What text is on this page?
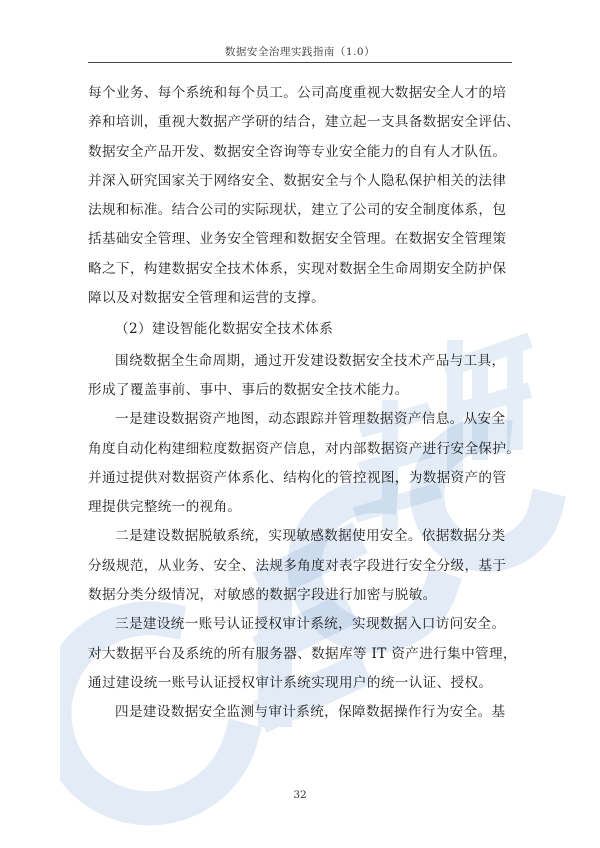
数据安全治理实践指南（1.0）

每个业务、每个系统和每个员工。公司高度重视大数据安全人才的培

养和培训，重视大数据产学研的结合，建立起一支具备数据安全评估、

数据安全产品开发、数据安全咨询等专业安全能力的自有人才队伍。

并深入研究国家关于网络安全、数据安全与个人隐私保护相关的法律

法规和标准。结合公司的实际现状，建立了公司的安全制度体系，包

括基础安全管理、业务安全管理和数据安全管理。在数据安全管理策

略之下，构建数据安全技术体系，实现对数据全生命周期安全防护保

障以及对数据安全管理和运营的支撑。

（2）建设智能化数据安全技术体系

围绕数据全生命周期，通过开发建设数据安全技术产品与工具，

形成了覆盖事前、事中、事后的数据安全技术能力。

一是建设数据资产地图，动态跟踪并管理数据资产信息。从安全

角度自动化构建细粒度数据资产信息，对内部数据资产进行安全保护。

并通过提供对数据资产体系化、结构化的管控视图，为数据资产的管

理提供完整统一的视角。

二是建设数据脱敏系统，实现敏感数据使用安全。依据数据分类

分级规范，从业务、安全、法规多角度对表字段进行安全分级，基于

数据分类分级情况，对敏感的数据字段进行加密与脱敏。

三是建设统一账号认证授权审计系统，实现数据入口访问安全。

对大数据平台及系统的所有服务器、数据库等 IT 资产进行集中管理，

通过建设统一账号认证授权审计系统实现用户的统一认证、授权。

四是建设数据安全监测与审计系统，保障数据操作行为安全。基

32
